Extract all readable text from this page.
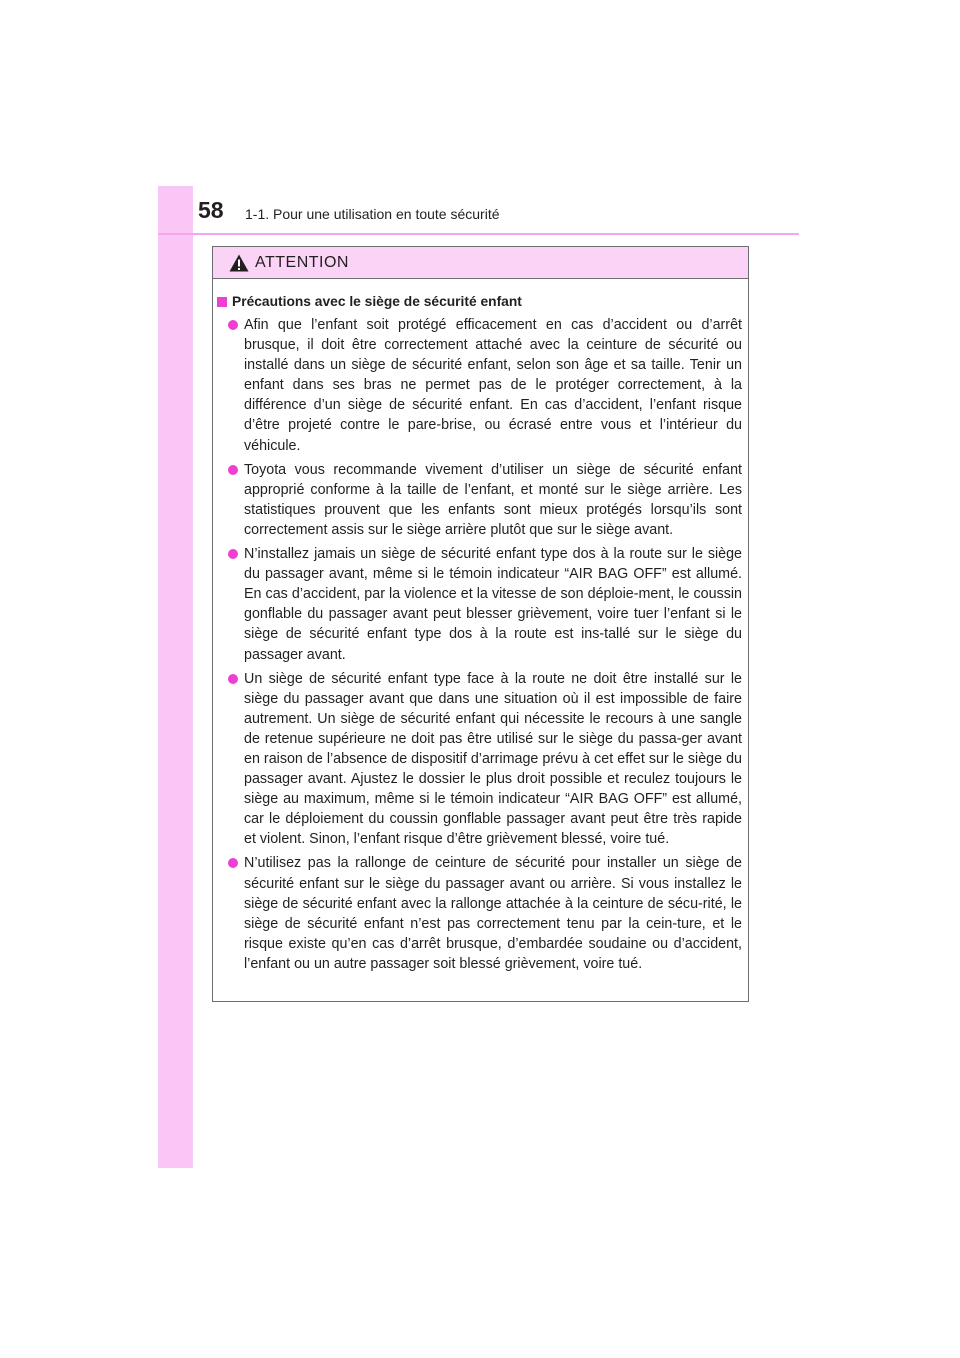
58 1-1. Pour une utilisation en toute sécurité
ATTENTION
Précautions avec le siège de sécurité enfant

Afin que l’enfant soit protégé efficacement en cas d’accident ou d’arrêt brusque, il doit être correctement attaché avec la ceinture de sécurité ou installé dans un siège de sécurité enfant, selon son âge et sa taille. Tenir un enfant dans ses bras ne permet pas de le protéger correctement, à la différence d’un siège de sécurité enfant. En cas d’accident, l’enfant risque d’être projeté contre le pare-brise, ou écrasé entre vous et l’intérieur du véhicule.

Toyota vous recommande vivement d’utiliser un siège de sécurité enfant approprié conforme à la taille de l’enfant, et monté sur le siège arrière. Les statistiques prouvent que les enfants sont mieux protégés lorsqu’ils sont correctement assis sur le siège arrière plutôt que sur le siège avant.

N’installez jamais un siège de sécurité enfant type dos à la route sur le siège du passager avant, même si le témoin indicateur “AIR BAG OFF” est allumé. En cas d’accident, par la violence et la vitesse de son déploie-ment, le coussin gonflable du passager avant peut blesser grièvement, voire tuer l’enfant si le siège de sécurité enfant type dos à la route est ins-tallé sur le siège du passager avant.

Un siège de sécurité enfant type face à la route ne doit être installé sur le siège du passager avant que dans une situation où il est impossible de faire autrement. Un siège de sécurité enfant qui nécessite le recours à une sangle de retenue supérieure ne doit pas être utilisé sur le siège du passa-ger avant en raison de l’absence de dispositif d’arrimage prévu à cet effet sur le siège du passager avant. Ajustez le dossier le plus droit possible et reculez toujours le siège au maximum, même si le témoin indicateur “AIR BAG OFF” est allumé, car le déploiement du coussin gonflable passager avant peut être très rapide et violent. Sinon, l’enfant risque d’être grièvement blessé, voire tué.

N’utilisez pas la rallonge de ceinture de sécurité pour installer un siège de sécurité enfant sur le siège du passager avant ou arrière. Si vous installez le siège de sécurité enfant avec la rallonge attachée à la ceinture de sécu-rité, le siège de sécurité enfant n’est pas correctement tenu par la cein-ture, et le risque existe qu’en cas d’arrêt brusque, d’embardée soudaine ou d’accident, l’enfant ou un autre passager soit blessé grièvement, voire tué.
